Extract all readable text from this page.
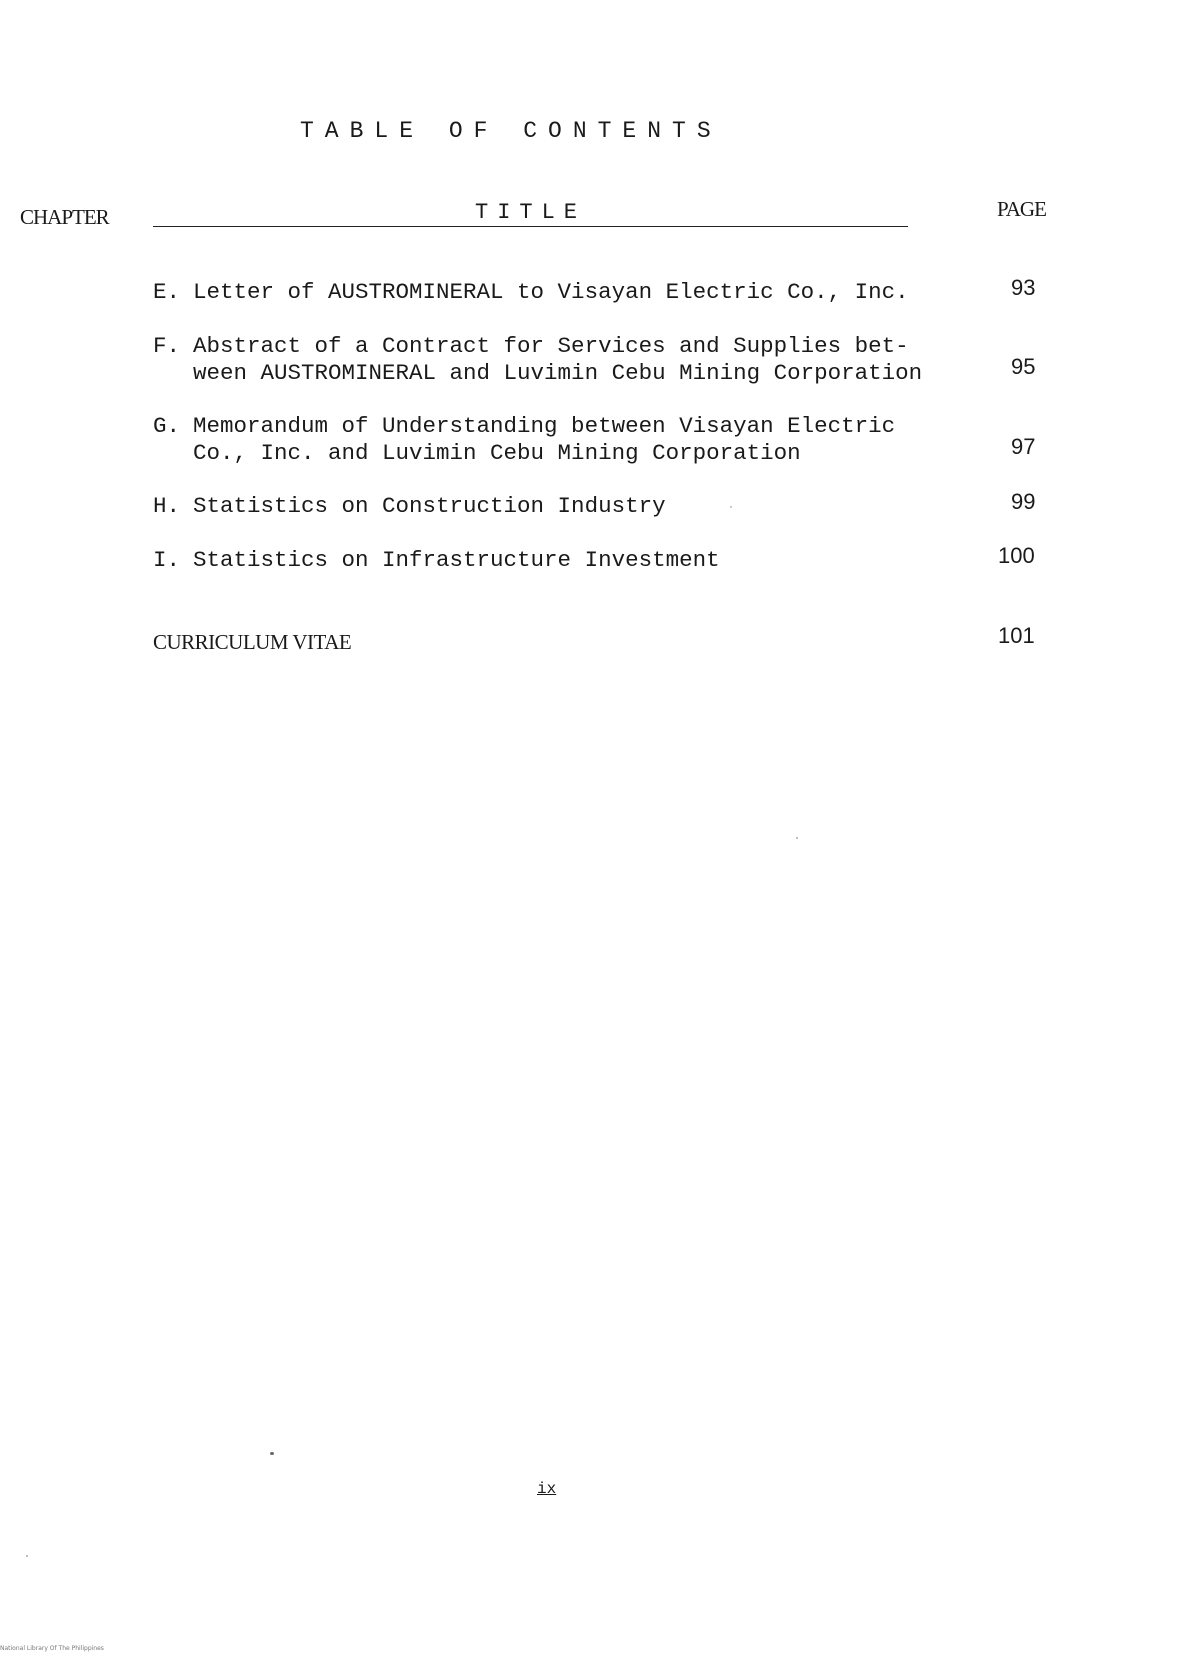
TABLE OF CONTENTS
CHAPTER	TITLE	PAGE
E. Letter of AUSTROMINERAL to Visayan Electric Co., Inc.	93
F. Abstract of a Contract for Services and Supplies bet-
ween AUSTROMINERAL and Luvimin Cebu Mining Corporation	95
G. Memorandum of Understanding between Visayan Electric
Co., Inc. and Luvimin Cebu Mining Corporation	97
H. Statistics on Construction Industry	99
I. Statistics on Infrastructure Investment	100
CURRICULUM VITAE	101
ix
National Library Of The Philippines
